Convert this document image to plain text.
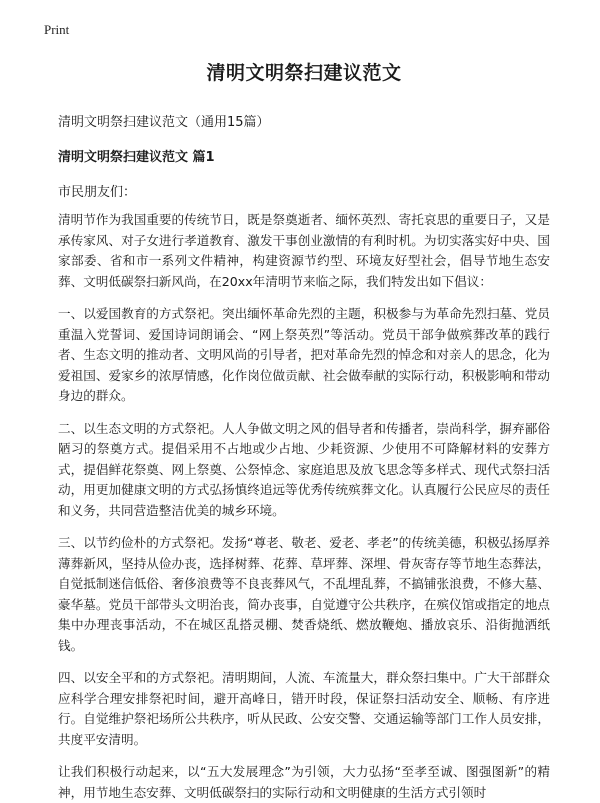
Print
清明文明祭扫建议范文
清明文明祭扫建议范文（通用15篇）
清明文明祭扫建议范文 篇1
市民朋友们：
清明节作为我国重要的传统节日，既是祭奠逝者、缅怀英烈、寄托哀思的重要日子，又是承传家风、对子女进行孝道教育、激发干事创业激情的有利时机。为切实落实好中央、国家部委、省和市一系列文件精神，构建资源节约型、环境友好型社会，倡导节地生态安葬、文明低碳祭扫新风尚，在20xx年清明节来临之际，我们特发出如下倡议：
一、以爱国教育的方式祭祀。突出缅怀革命先烈的主题，积极参与为革命先烈扫墓、党员重温入党誓词、爱国诗词朗诵会、“网上祭英烈”等活动。党员干部争做殡葬改革的践行者、生态文明的推动者、文明风尚的引导者，把对革命先烈的悼念和对亲人的思念，化为爱祖国、爱家乡的浓厚情感，化作岗位做贡献、社会做奉献的实际行动，积极影响和带动身边的群众。
二、以生态文明的方式祭祀。人人争做文明之风的倡导者和传播者，崇尚科学，摒弃鄙俗陋习的祭奠方式。提倡采用不占地或少占地、少耗资源、少使用不可降解材料的安葬方式，提倡鲜花祭奠、网上祭奠、公祭悼念、家庭追思及放飞思念等多样式、现代式祭扫活动，用更加健康文明的方式弘扬慎终追远等优秀传统殡葬文化。认真履行公民应尽的责任和义务，共同营造整洁优美的城乡环境。
三、以节约俭朴的方式祭祀。发扬“尊老、敬老、爱老、孝老”的传统美德，积极弘扬厚养薄葬新风，坚持从俭办丧，选择树葬、花葬、草坪葬、深埋、骨灰寄存等节地生态葬法，自觉抵制迷信低俗、奢侈浪费等不良丧葬风气，不乱埋乱葬，不搞铺张浪费，不修大墓、豪华墓。党员干部带头文明治丧，简办丧事，自觉遵守公共秩序，在殡仪馆或指定的地点集中办理丧事活动，不在城区乱搭灵棚、焚香烧纸、燃放鞭炮、播放哀乐、沿街抛洒纸钱。
四、以安全平和的方式祭祀。清明期间，人流、车流量大，群众祭扫集中。广大干部群众应科学合理安排祭祀时间，避开高峰日，错开时段，保证祭扫活动安全、顺畅、有序进行。自觉维护祭祀场所公共秩序，听从民政、公安交警、交通运输等部门工作人员安排，共度平安清明。
让我们积极行动起来，以“五大发展理念”为引领，大力弘扬“至孝至诚、图强图新”的精神，用节地生态安葬、文明低碳祭扫的实际行动和文明健康的生活方式引领时
